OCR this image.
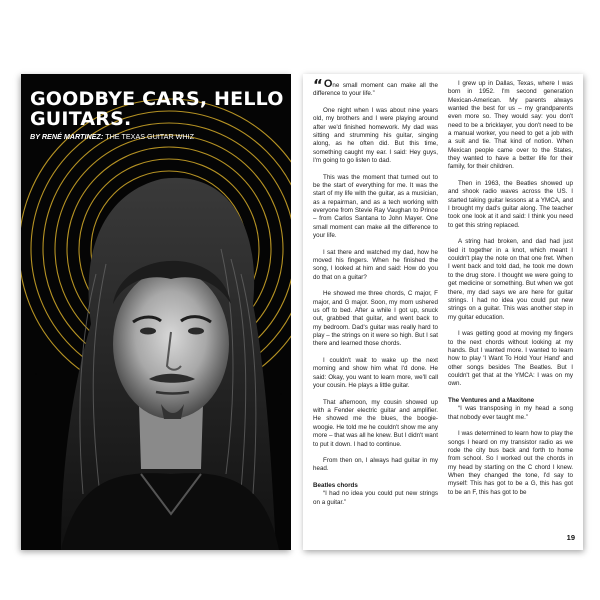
GOODBYE CARS, HELLO GUITARS.
BY RENÉ MARTINEZ: THE TEXAS GUITAR WHIZ

“One small moment can make all the difference to your life.”

One night when I was about nine years old, my brothers and I were playing around after we'd finished homework. My dad was sitting and strumming his guitar, singing along, as he often did. But this time, something caught my ear. I said: Hey guys, I'm going to go listen to dad.

This was the moment that turned out to be the start of everything for me. It was the start of my life with the guitar, as a musician, as a repairman, and as a tech working with everyone from Stevie Ray Vaughan to Prince – from Carlos Santana to John Mayer. One small moment can make all the difference to your life.

I sat there and watched my dad, how he moved his fingers. When he finished the song, I looked at him and said: How do you do that on a guitar?

He showed me three chords, C major, F major, and G major. Soon, my mom ushered us off to bed. After a while I got up, snuck out, grabbed that guitar, and went back to my bedroom. Dad's guitar was really hard to play – the strings on it were so high. But I sat there and learned those chords.

I couldn't wait to wake up the next morning and show him what I'd done. He said: Okay, you want to learn more, we'll call your cousin. He plays a little guitar.

That afternoon, my cousin showed up with a Fender electric guitar and amplifier. He showed me the blues, the boogie-woogie. He told me he couldn't show me any more – that was all he knew. But I didn't want to put it down. I had to continue.

From then on, I always had guitar in my head.

Beatles chords

“I had no idea you could put new strings on a guitar.”

I grew up in Dallas, Texas, where I was born in 1952. I'm second generation Mexican-American. My parents always wanted the best for us – my grandparents even more so. They would say: you don't need to be a bricklayer, you don't need to be a manual worker, you need to get a job with a suit and tie. That kind of notion. When Mexican people came over to the States, they wanted to have a better life for their family, for their children.

Then in 1963, the Beatles showed up and shook radio waves across the US. I started taking guitar lessons at a YMCA, and I brought my dad's guitar along. The teacher took one look at it and said: I think you need to get this string replaced.

A string had broken, and dad had just tied it together in a knot, which meant I couldn't play the note on that one fret. When I went back and told dad, he took me down to the drug store. I thought we were going to get medicine or something. But when we got there, my dad says we are here for guitar strings. I had no idea you could put new strings on a guitar. This was another step in my guitar education.

I was getting good at moving my fingers to the next chords without looking at my hands. But I wanted more. I wanted to learn how to play 'I Want To Hold Your Hand' and other songs besides The Beatles. But I couldn't get that at the YMCA: I was on my own.

The Ventures and a Maxitone

“I was transposing in my head a song that nobody ever taught me.”

I was determined to learn how to play the songs I heard on my transistor radio as we rode the city bus back and forth to home from school. So I worked out the chords in my head by starting on the C chord I knew. When they changed the tone, I'd say to myself: This has got to be a G, this has got to be an F, this has got to be

19
